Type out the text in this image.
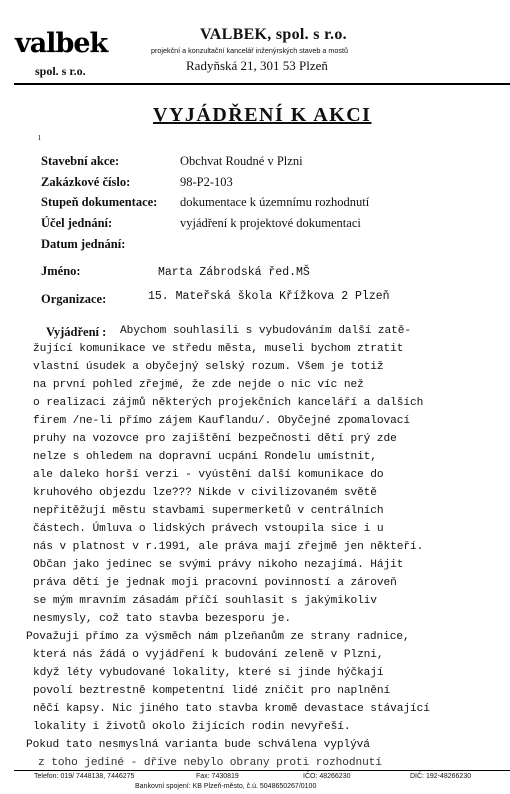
valbek
spol. s r.o.
VALBEK, spol. s r.o.
projekční a konzultační kancelář inženýrských staveb a mostů
Radyňská 21, 301 53 Plzeň
VYJÁDŘENÍ K AKCI
ı
Stavební akce:	Obchvat Roudné v Plzni
Zakázkové číslo:	98-P2-103
Stupeň dokumentace: dokumentace k územnímu rozhodnutí
Účel jednání:	vyjádření k projektové dokumentaci
Datum jednání:
Jméno:	Marta Zábrodská řed.MŠ
Organizace:	15. Mateřská škola Křížkova 2 Plzeň
Vyjádření : Abychom souhlasili s vybudováním další zatě-
žující komunikace ve středu města, museli bychom ztratit
vlastní úsudek a obyčejný selský rozum. Všem je totiž
na první pohled zřejmé, že zde nejde o nic víc než
o realizaci zájmů některých projekčních kanceláří a dalších
firem /ne-li přímo zájem Kauflandu/. Obyčejné zpomalovací
pruhy na vozovce pro zajištění bezpečnosti dětí prý zde
nelze s ohledem na dopravní ucpání Rondelu umístnit,
ale daleko horší verzi - vyústění další komunikace do
kruhového objezdu lze??? Nikde v civilizovaném světě
nepřitěžují městu stavbami supermerketů v centrálních
částech. Úmluva o lidských právech vstoupila sice i u
nás v platnost v r.1991, ale práva mají zřejmě jen někteří.
Občan jako jedinec se svými právy nikoho nezajímá. Hájit
práva dětí je jednak moji pracovní povinností a zároveň
se mým mravním zásadám příčí souhlasit s jakýmikoliv
nesmysly, což tato stavba bezesporu je.
Považuji přímo za výsměch nám plzeňanům ze strany radnice,
která nás žádá o vyjádření k budování zeleně v Plzni,
když léty vybudované lokality, které si jinde hýčkají
povolí beztrestně kompetentní lidé zničit pro naplnění
něčí kapsy. Nic jiného tato stavba kromě devastace stávající
lokality i životů okolo žijících rodin nevyřeší.
Pokud tato nesmyslná varianta bude schválena vyplývá
z toho jediné - dříve nebylo obrany proti rozhodnutí
Telefon: 019/ 7448138, 7446275	Fax: 7430819	IČO: 48266230	DIČ: 192-48266230
Bankovní spojení: KB Plzeň-město, č.ú. 5048650267/0100
